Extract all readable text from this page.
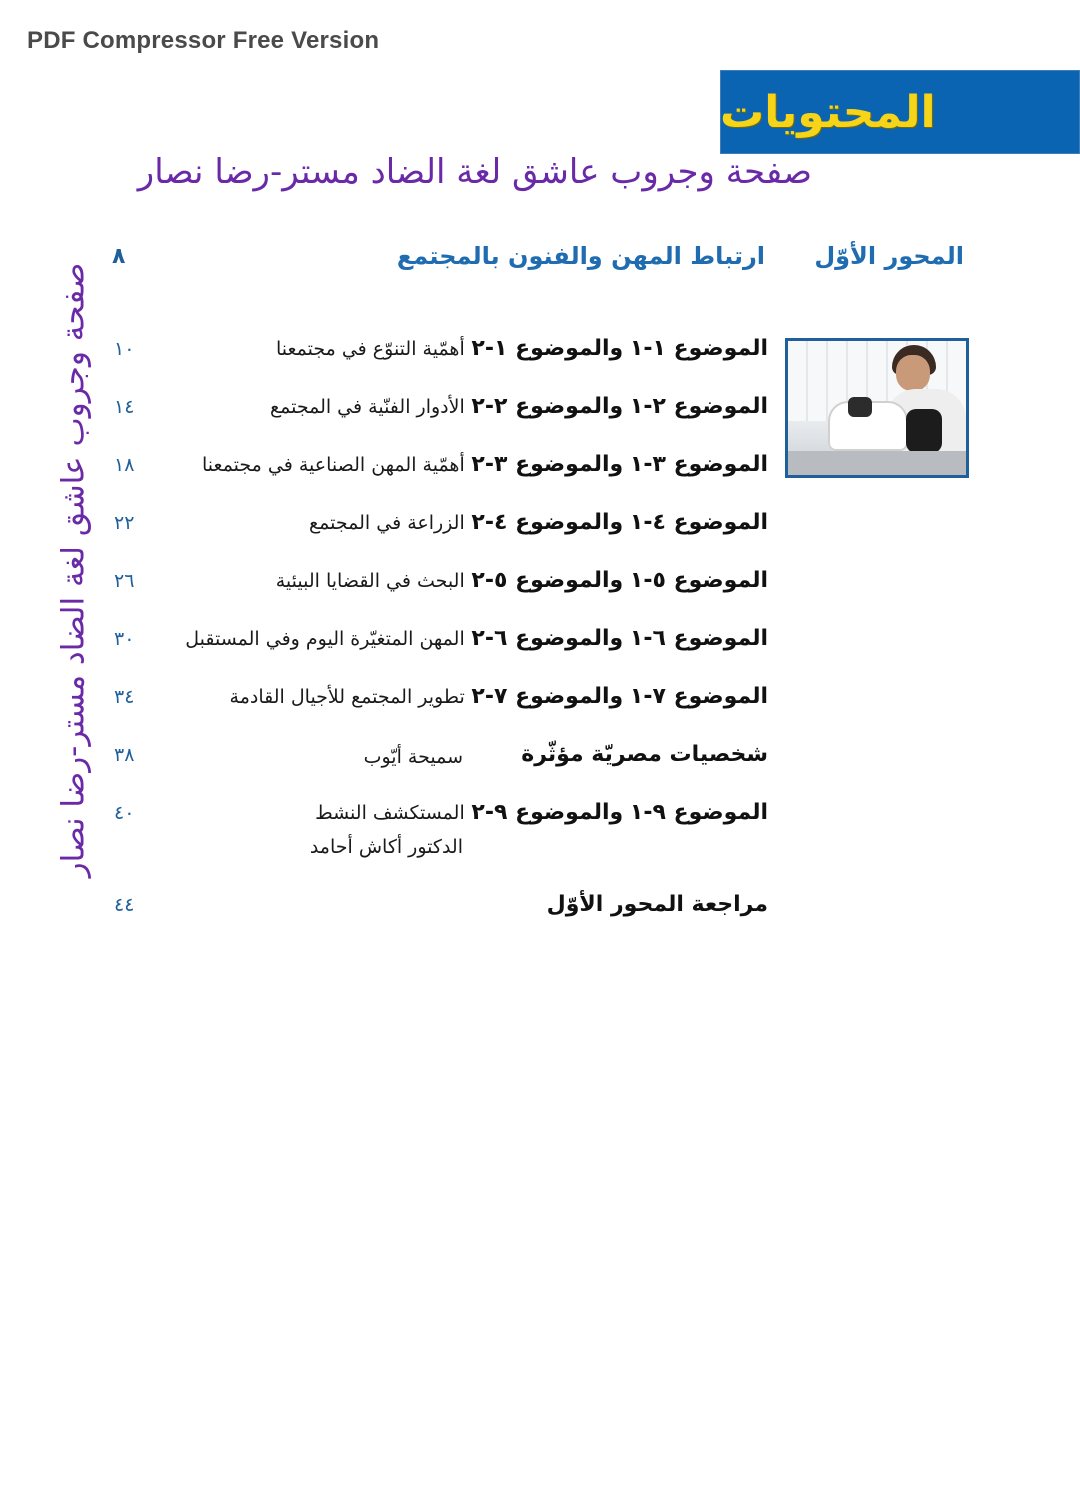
PDF Compressor Free Version
المحتويات
صفحة وجروب عاشق لغة الضاد مستر-رضا نصار
صفحة وجروب عاشق لغة الضاد مستر-رضا نصار
المحور الأوّل
ارتباط المهن والفنون بالمجتمع
٨
الموضوع ١-١ والموضوع ١-٢ أهمّية التنوّع في مجتمعنا
١٠
الموضوع ٢-١ والموضوع ٢-٢ الأدوار الفنّية في المجتمع
١٤
الموضوع ٣-١ والموضوع ٣-٢ أهمّية المهن الصناعية في مجتمعنا
١٨
الموضوع ٤-١ والموضوع ٤-٢ الزراعة في المجتمع
٢٢
الموضوع ٥-١ والموضوع ٥-٢ البحث في القضايا البيئية
٢٦
الموضوع ٦-١ والموضوع ٦-٢ المهن المتغيّرة اليوم وفي المستقبل
٣٠
الموضوع ٧-١ والموضوع ٧-٢ تطوير المجتمع للأجيال القادمة
٣٤
شخصيات مصريّة مؤثّرة
سميحة أيّوب
٣٨
الموضوع ٩-١ والموضوع ٩-٢ المستكشف النشط
الدكتور أكاش أحامد
٤٠
مراجعة المحور الأوّل
٤٤
